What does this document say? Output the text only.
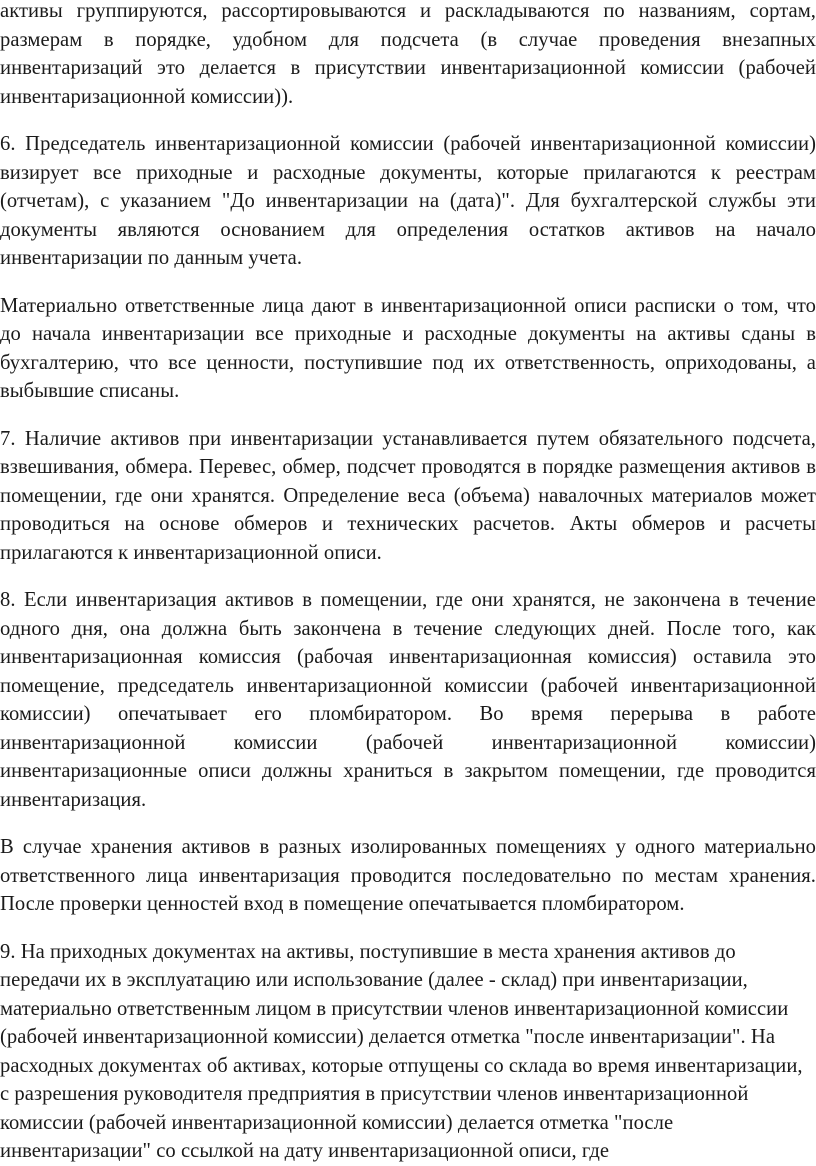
активы группируются, рассортировываются и раскладываются по названиям, сортам, размерам в порядке, удобном для подсчета (в случае проведения внезапных инвентаризаций это делается в присутствии инвентаризационной комиссии (рабочей инвентаризационной комиссии)).

6. Председатель инвентаризационной комиссии (рабочей инвентаризационной комиссии) визирует все приходные и расходные документы, которые прилагаются к реестрам (отчетам), с указанием "До инвентаризации на (дата)". Для бухгалтерской службы эти документы являются основанием для определения остатков активов на начало инвентаризации по данным учета.

Материально ответственные лица дают в инвентаризационной описи расписки о том, что до начала инвентаризации все приходные и расходные документы на активы сданы в бухгалтерию, что все ценности, поступившие под их ответственность, оприходованы, а выбывшие списаны.

7. Наличие активов при инвентаризации устанавливается путем обязательного подсчета, взвешивания, обмера. Перевес, обмер, подсчет проводятся в порядке размещения активов в помещении, где они хранятся. Определение веса (объема) навалочных материалов может проводиться на основе обмеров и технических расчетов. Акты обмеров и расчеты прилагаются к инвентаризационной описи.

8. Если инвентаризация активов в помещении, где они хранятся, не закончена в течение одного дня, она должна быть закончена в течение следующих дней. После того, как инвентаризационная комиссия (рабочая инвентаризационная комиссия) оставила это помещение, председатель инвентаризационной комиссии (рабочей инвентаризационной комиссии) опечатывает его пломбиратором. Во время перерыва в работе инвентаризационной комиссии (рабочей инвентаризационной комиссии) инвентаризационные описи должны храниться в закрытом помещении, где проводится инвентаризация.

В случае хранения активов в разных изолированных помещениях у одного материально ответственного лица инвентаризация проводится последовательно по местам хранения. После проверки ценностей вход в помещение опечатывается пломбиратором.

9. На приходных документах на активы, поступившие в места хранения активов до передачи их в эксплуатацию или использование (далее - склад) при инвентаризации, материально ответственным лицом в присутствии членов инвентаризационной комиссии (рабочей инвентаризационной комиссии) делается отметка "после инвентаризации". На расходных документах об активах, которые отпущены со склада во время инвентаризации, с разрешения руководителя предприятия в присутствии членов инвентаризационной комиссии (рабочей инвентаризационной комиссии) делается отметка "после инвентаризации" со ссылкой на дату инвентаризационной описи, где
